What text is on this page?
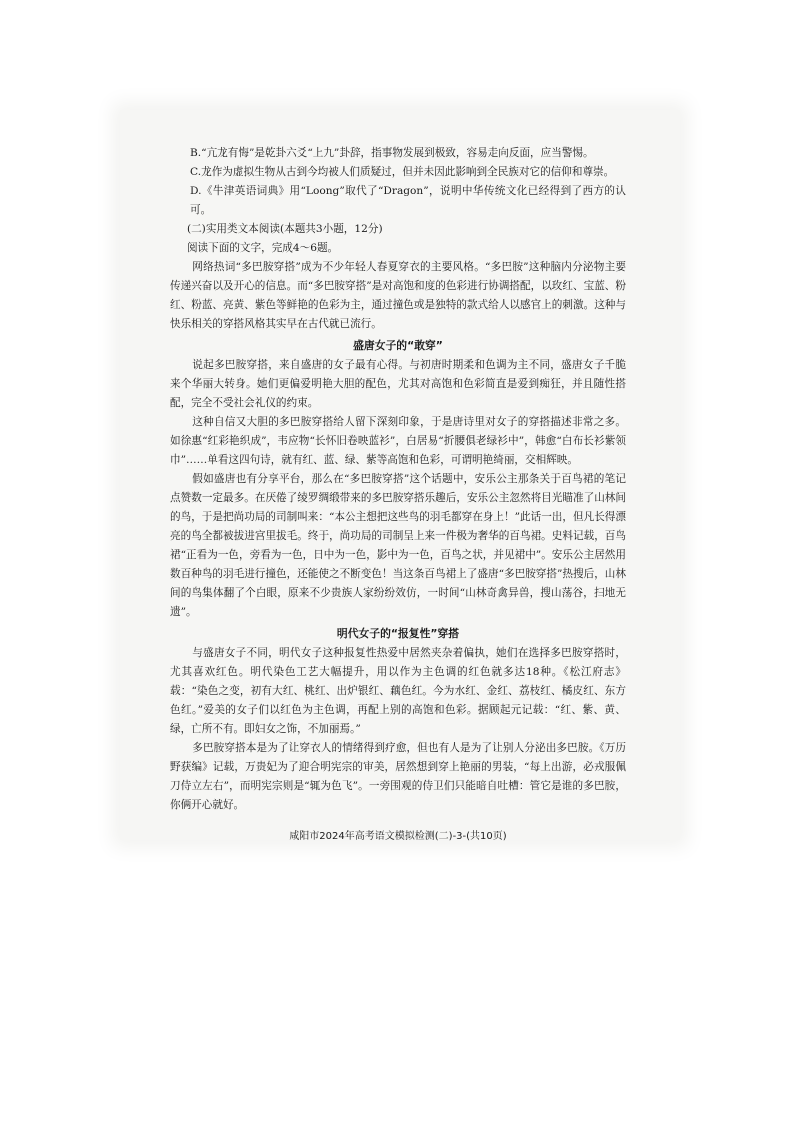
B.“亢龙有悔”是乾卦六爻“上九”卦辞，指事物发展到极致，容易走向反面，应当警惕。

C.龙作为虚拟生物从古到今均被人们质疑过，但并未因此影响到全民族对它的信仰和尊崇。

D.《牛津英语词典》用“Loong”取代了“Dragon”，说明中华传统文化已经得到了西方的认可。

(二)实用类文本阅读(本题共3小题，12分)

阅读下面的文字，完成4～6题。

网络热词“多巴胺穿搭”成为不少年轻人春夏穿衣的主要风格。“多巴胺”这种脑内分泌物主要传递兴奋以及开心的信息。而“多巴胺穿搭”是对高饱和度的色彩进行协调搭配，以玫红、宝蓝、粉红、粉蓝、亮黄、紫色等鲜艳的色彩为主，通过撞色或是独特的款式给人以感官上的刺激。这种与快乐相关的穿搭风格其实早在古代就已流行。

盛唐女子的“敢穿”

说起多巴胺穿搭，来自盛唐的女子最有心得。与初唐时期柔和色调为主不同，盛唐女子千脆来个华丽大转身。她们更偏爱明艳大胆的配色，尤其对高饱和色彩简直是爱到痴狂，并且随性搭配，完全不受社会礼仪的约束。

这种自信又大胆的多巴胺穿搭给人留下深刻印象，于是唐诗里对女子的穿搭描述非常之多。如徐惠“红彩艳织成”，韦应物“长怀旧卷映蓝衫”，白居易“折腰俱老绿衫中”，韩愈“白布长衫紫领巾”……单看这四句诗，就有红、蓝、绿、紫等高饱和色彩，可谓明艳绮丽，交相辉映。

假如盛唐也有分享平台，那么在“多巴胺穿搭”这个话题中，安乐公主那条关于百鸟裙的笔记点赞数一定最多。在厌倦了绫罗绸缎带来的多巴胺穿搭乐趣后，安乐公主忽然将目光瞄准了山林间的鸟，于是把尚功局的司制叫来：“本公主想把这些鸟的羽毛都穿在身上！”此话一出，但凡长得漂亮的鸟全都被拔进宫里拔毛。终于，尚功局的司制呈上来一件极为奢华的百鸟裙。史料记载，百鸟裙“正看为一色，旁看为一色，日中为一色，影中为一色，百鸟之状，并见裙中”。安乐公主居然用数百种鸟的羽毛进行撞色，还能使之不断变色！当这条百鸟裙上了盛唐“多巴胺穿搭”热搜后，山林间的鸟集体翻了个白眼，原来不少贵族人家纷纷效仿，一时间“山林奇禽异兽，搜山荡谷，扫地无遗”。

明代女子的“报复性”穿搭

与盛唐女子不同，明代女子这种报复性热爱中居然夹杂着偏执，她们在选择多巴胺穿搭时，尤其喜欢红色。明代染色工艺大幅提升，用以作为主色调的红色就多达18种。《松江府志》载：“染色之变，初有大红、桃红、出炉银红、藕色红。今为水红、金红、荔枝红、橘皮红、东方色红。”爱美的女子们以红色为主色调，再配上别的高饱和色彩。据顾起元记载：“红、紫、黄、绿，亡所不有。即妇女之饰，不加丽焉。”

多巴胺穿搭本是为了让穿衣人的情绪得到疗愈，但也有人是为了让别人分泌出多巴胺。《万历野获编》记载，万贵妃为了迎合明宪宗的审美，居然想到穿上艳丽的男装，“每上出游，必戎服佩刀侍立左右”，而明宪宗则是“辄为色飞”。一旁围观的侍卫们只能暗自吐槽：管它是谁的多巴胺，你俩开心就好。

咸阳市2024年高考语文模拟检测(二)-3-(共10页)
